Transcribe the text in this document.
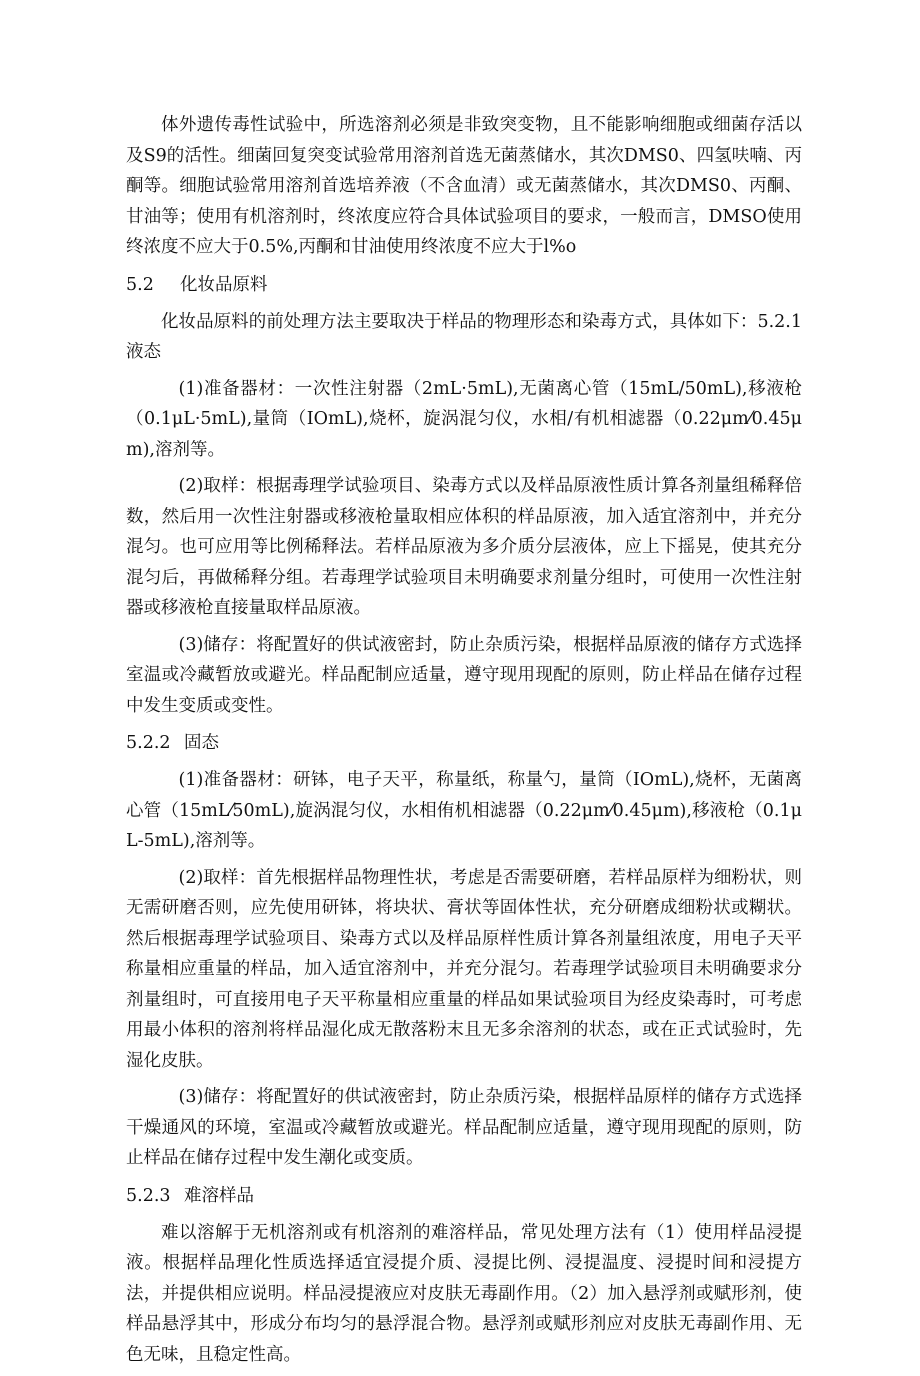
体外遗传毒性试验中，所选溶剂必须是非致突变物，且不能影响细胞或细菌存活以及S9的活性。细菌回复突变试验常用溶剂首选无菌蒸储水，其次DMS0、四氢呋喃、丙酮等。细胞试验常用溶剂首选培养液（不含血清）或无菌蒸储水，其次DMS0、丙酮、甘油等；使用有机溶剂时，终浓度应符合具体试验项目的要求，一般而言，DMSO使用终浓度不应大于0.5%,丙酮和甘油使用终浓度不应大于l%o

5.2 化妆品原料

化妆品原料的前处理方法主要取决于样品的物理形态和染毒方式，具体如下：5.2.1液态

(1)准备器材：一次性注射器（2mL·5mL),无菌离心管（15mL/50mL),移液枪（0.1μL·5mL),量筒（IOmL),烧杯，旋涡混匀仪，水相/有机相滤器（0.22μm⁄0.45μm),溶剂等。

(2)取样：根据毒理学试验项目、染毒方式以及样品原液性质计算各剂量组稀释倍数，然后用一次性注射器或移液枪量取相应体积的样品原液，加入适宜溶剂中，并充分混匀。也可应用等比例稀释法。若样品原液为多介质分层液体，应上下摇晃，使其充分混匀后，再做稀释分组。若毒理学试验项目未明确要求剂量分组时，可使用一次性注射器或移液枪直接量取样品原液。

(3)储存：将配置好的供试液密封，防止杂质污染，根据样品原液的储存方式选择室温或冷藏暂放或避光。样品配制应适量，遵守现用现配的原则，防止样品在储存过程中发生变质或变性。

5.2.2 固态

(1)准备器材：研钵，电子天平，称量纸，称量勺，量筒（IOmL),烧杯，无菌离心管（15mL⁄50mL),旋涡混匀仪，水相侑机相滤器（0.22μm⁄0.45μm),移液枪（0.1μL-5mL),溶剂等。

(2)取样：首先根据样品物理性状，考虑是否需要研磨，若样品原样为细粉状，则无需研磨否则，应先使用研钵，将块状、膏状等固体性状，充分研磨成细粉状或糊状。然后根据毒理学试验项目、染毒方式以及样品原样性质计算各剂量组浓度，用电子天平称量相应重量的样品，加入适宜溶剂中，并充分混匀。若毒理学试验项目未明确要求分剂量组时，可直接用电子天平称量相应重量的样品如果试验项目为经皮染毒时，可考虑用最小体积的溶剂将样品湿化成无散落粉末且无多余溶剂的状态，或在正式试验时，先湿化皮肤。

(3)储存：将配置好的供试液密封，防止杂质污染，根据样品原样的储存方式选择干燥通风的环境，室温或冷藏暂放或避光。样品配制应适量，遵守现用现配的原则，防止样品在储存过程中发生潮化或变质。

5.2.3 难溶样品

难以溶解于无机溶剂或有机溶剂的难溶样品，常见处理方法有（1）使用样品浸提液。根据样品理化性质选择适宜浸提介质、浸提比例、浸提温度、浸提时间和浸提方法，并提供相应说明。样品浸提液应对皮肤无毒副作用。（2）加入悬浮剂或赋形剂，使样品悬浮其中，形成分布均匀的悬浮混合物。悬浮剂或赋形剂应对皮肤无毒副作用、无色无味，且稳定性高。
